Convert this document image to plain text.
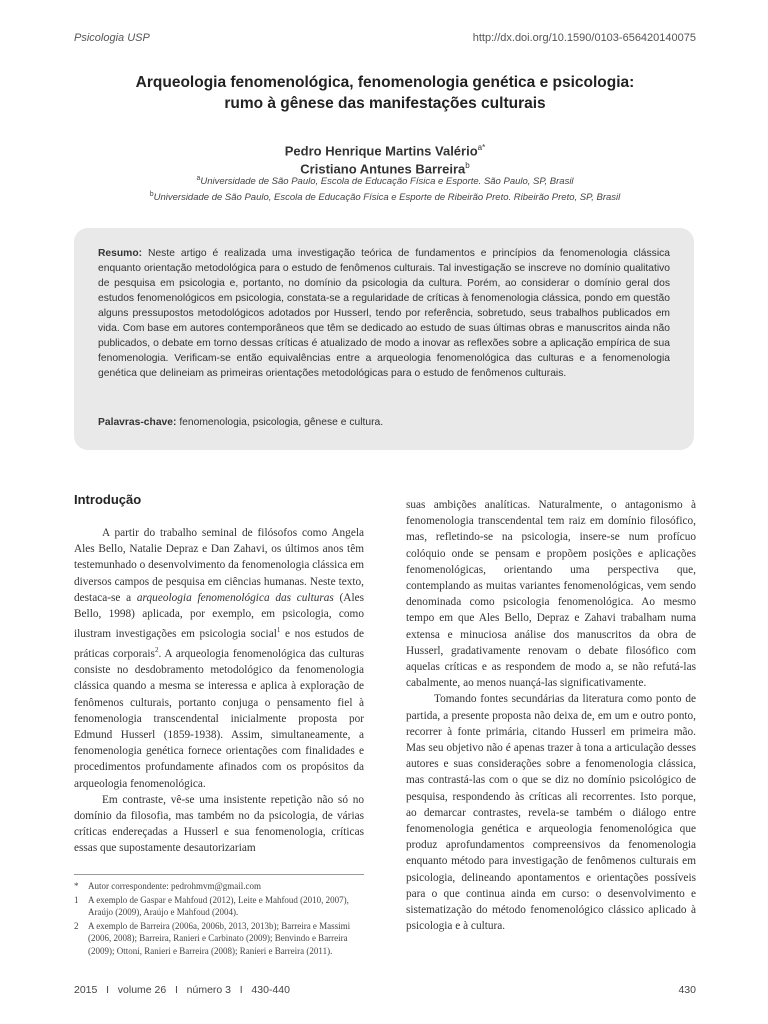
Psicologia USP	http://dx.doi.org/10.1590/0103-656420140075
Arqueologia fenomenológica, fenomenologia genética e psicologia:
rumo à gênese das manifestações culturais
Pedro Henrique Martins Valério$^{a*}$
Cristiano Antunes Barreira$^b$
$^a$Universidade de São Paulo, Escola de Educação Física e Esporte. São Paulo, SP, Brasil
$^b$Universidade de São Paulo, Escola de Educação Física e Esporte de Ribeirão Preto. Ribeirão Preto, SP, Brasil
Resumo: Neste artigo é realizada uma investigação teórica de fundamentos e princípios da fenomenologia clássica enquanto orientação metodológica para o estudo de fenômenos culturais. Tal investigação se inscreve no domínio qualitativo de pesquisa em psicologia e, portanto, no domínio da psicologia da cultura. Porém, ao considerar o domínio geral dos estudos fenomenológicos em psicologia, constata-se a regularidade de críticas à fenomenologia clássica, pondo em questão alguns pressupostos metodológicos adotados por Husserl, tendo por referência, sobretudo, seus trabalhos publicados em vida. Com base em autores contemporâneos que têm se dedicado ao estudo de suas últimas obras e manuscritos ainda não publicados, o debate em torno dessas críticas é atualizado de modo a inovar as reflexões sobre a aplicação empírica de sua fenomenologia. Verificam-se então equivalências entre a arqueologia fenomenológica das culturas e a fenomenologia genética que delineiam as primeiras orientações metodológicas para o estudo de fenômenos culturais.
Palavras-chave: fenomenologia, psicologia, gênese e cultura.
Introdução

A partir do trabalho seminal de filósofos como Angela Ales Bello, Natalie Depraz e Dan Zahavi, os últimos anos têm testemunhado o desenvolvimento da fenomenologia clássica em diversos campos de pesquisa em ciências humanas. Neste texto, destaca-se a arqueologia fenomenológica das culturas (Ales Bello, 1998) aplicada, por exemplo, em psicologia, como ilustram investigações em psicologia social$^1$ e nos estudos de práticas corporais$^2$. A arqueologia fenomenológica das culturas consiste no desdobramento metodológico da fenomenologia clássica quando a mesma se interessa e aplica à exploração de fenômenos culturais, portanto conjuga o pensamento fiel à fenomenologia transcendental inicialmente proposta por Edmund Husserl (1859-1938). Assim, simultaneamente, a fenomenologia genética fornece orientações com finalidades e procedimentos profundamente afinados com os propósitos da arqueologia fenomenológica.

Em contraste, vê-se uma insistente repetição não só no domínio da filosofia, mas também no da psicologia, de várias críticas endereçadas a Husserl e sua fenomenologia, críticas essas que supostamente desautorizariam

*	Autor correspondente: pedrohmvm@gmail.com
1	A exemplo de Gaspar e Mahfoud (2012), Leite e Mahfoud (2010, 2007), Araújo (2009), Araújo e Mahfoud (2004).
2	A exemplo de Barreira (2006a, 2006b, 2013, 2013b); Barreira e Massimi (2006, 2008); Barreira, Ranieri e Carbinato (2009); Benvindo e Barreira (2009); Ottoni, Ranieri e Barreira (2008); Ranieri e Barreira (2011).

suas ambições analíticas. Naturalmente, o antagonismo à fenomenologia transcendental tem raiz em domínio filosófico, mas, refletindo-se na psicologia, insere-se num profícuo colóquio onde se pensam e propõem posições e aplicações fenomenológicas, orientando uma perspectiva que, contemplando as muitas variantes fenomenológicas, vem sendo denominada como psicologia fenomenológica. Ao mesmo tempo em que Ales Bello, Depraz e Zahavi trabalham numa extensa e minuciosa análise dos manuscritos da obra de Husserl, gradativamente renovam o debate filosófico com aquelas críticas e as respondem de modo a, se não refutá-las cabalmente, ao menos nuançá-las significativamente.

Tomando fontes secundárias da literatura como ponto de partida, a presente proposta não deixa de, em um e outro ponto, recorrer à fonte primária, citando Husserl em primeira mão. Mas seu objetivo não é apenas trazer à tona a articulação desses autores e suas considerações sobre a fenomenologia clássica, mas contrastá-las com o que se diz no domínio psicológico de pesquisa, respondendo às críticas ali recorrentes. Isto porque, ao demarcar contrastes, revela-se também o diálogo entre fenomenologia genética e arqueologia fenomenológica que produz aprofundamentos compreensivos da fenomenologia enquanto método para investigação de fenômenos culturais em psicologia, delineando apontamentos e orientações possíveis para o que continua ainda em curso: o desenvolvimento e sistematização do método fenomenológico clássico aplicado à psicologia e à cultura.

2015   I   volume 26   I   número 3   I   430-440	430
